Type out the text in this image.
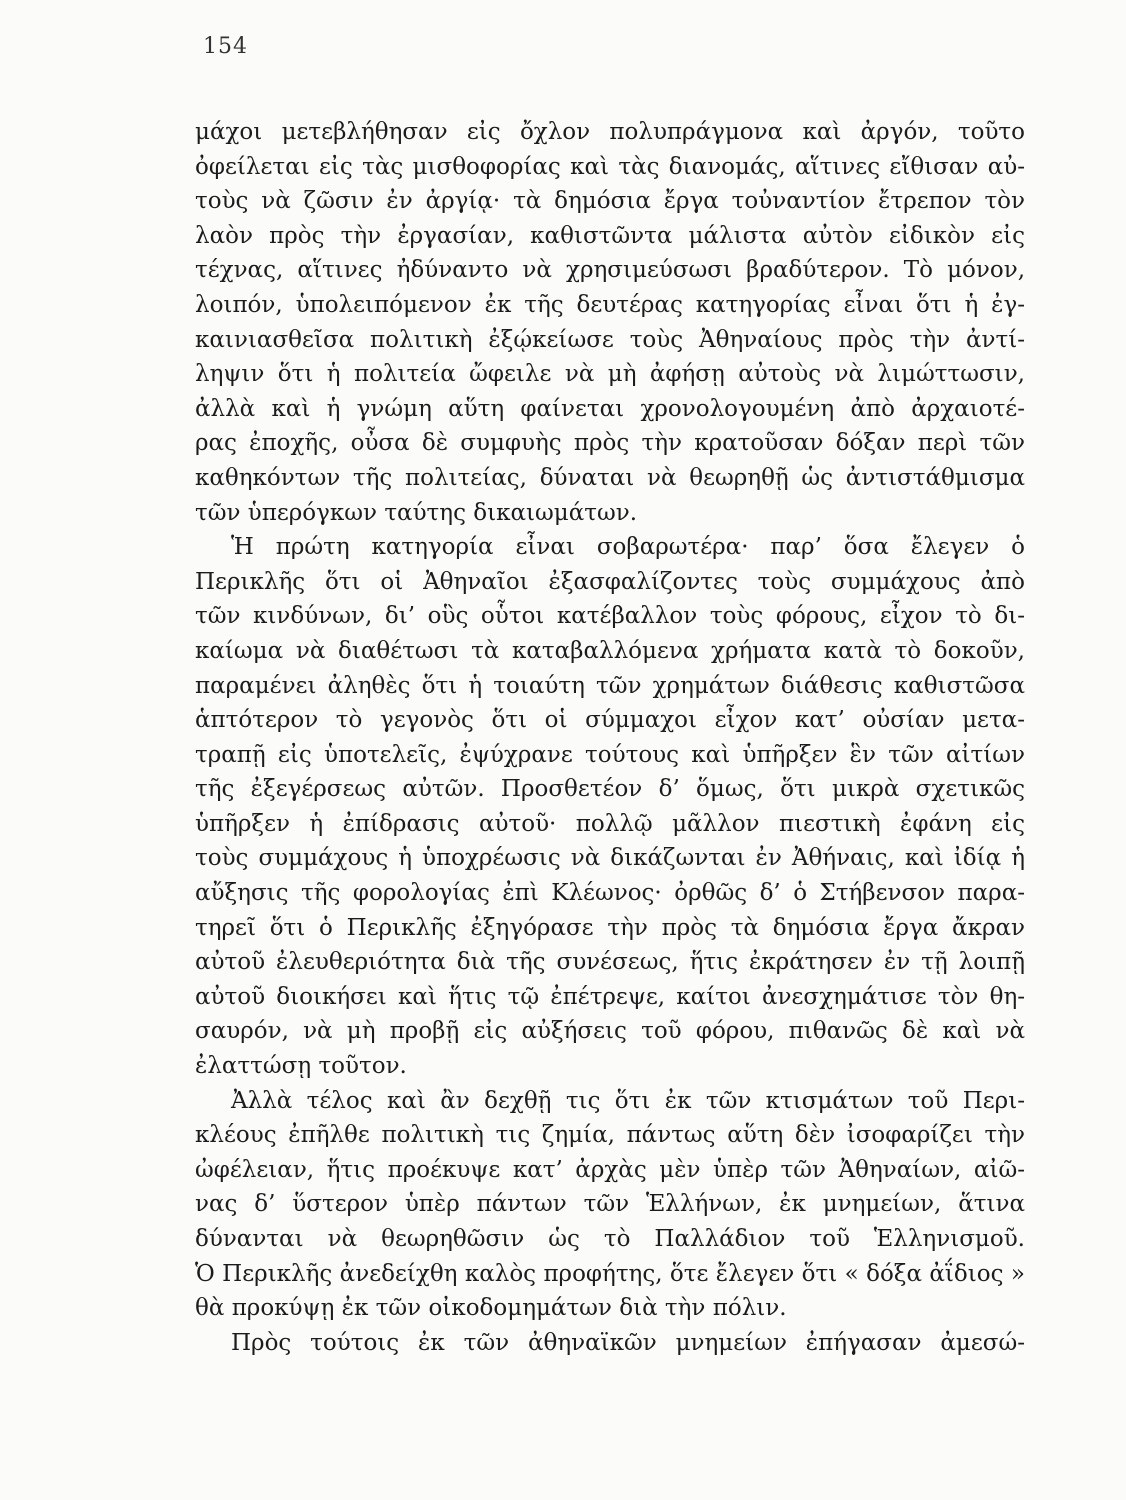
154
μάχοι μετεβλήθησαν εἰς ὄχλον πολυπράγμονα καὶ ἀργόν, τοῦτο
ὀφείλεται εἰς τὰς μισθοφορίας καὶ τὰς διανομάς, αἵτινες εἴθισαν αὐ-
τοὺς νὰ ζῶσιν ἐν ἀργίᾳ· τὰ δημόσια ἔργα τοὐναντίον ἔτρεπον τὸν
λαὸν πρὸς τὴν ἐργασίαν, καθιστῶντα μάλιστα αὐτὸν εἰδικὸν εἰς
τέχνας, αἵτινες ἠδύναντο νὰ χρησιμεύσωσι βραδύτερον. Τὸ μόνον,
λοιπόν, ὑπολειπόμενον ἐκ τῆς δευτέρας κατηγορίας εἶναι ὅτι ἡ ἐγ-
καινιασθεῖσα πολιτικὴ ἐξῴκείωσε τοὺς Ἀθηναίους πρὸς τὴν ἀντί-
ληψιν ὅτι ἡ πολιτεία ὤφειλε νὰ μὴ ἀφήσῃ αὐτοὺς νὰ λιμώττωσιν,
ἀλλὰ καὶ ἡ γνώμη αὕτη φαίνεται χρονολογουμένη ἀπὸ ἀρχαιοτέ-
ρας ἐποχῆς, οὖσα δὲ συμφυὴς πρὸς τὴν κρατοῦσαν δόξαν περὶ τῶν
καθηκόντων τῆς πολιτείας, δύναται νὰ θεωρηθῇ ὡς ἀντιστάθμισμα
τῶν ὑπερόγκων ταύτης δικαιωμάτων.
Ἡ πρώτη κατηγορία εἶναι σοβαρωτέρα· παρ’ ὅσα ἔλεγεν ὁ
Περικλῆς ὅτι οἱ Ἀθηναῖοι ἐξασφαλίζοντες τοὺς συμμάχους ἀπὸ
τῶν κινδύνων, δι’ οὓς οὗτοι κατέβαλλον τοὺς φόρους, εἶχον τὸ δι-
καίωμα νὰ διαθέτωσι τὰ καταβαλλόμενα χρήματα κατὰ τὸ δοκοῦν,
παραμένει ἀληθὲς ὅτι ἡ τοιαύτη τῶν χρημάτων διάθεσις καθιστῶσα
ἁπτότερον τὸ γεγονὸς ὅτι οἱ σύμμαχοι εἶχον κατ’ οὐσίαν μετα-
τραπῇ εἰς ὑποτελεῖς, ἐψύχρανε τούτους καὶ ὑπῆρξεν ἓν τῶν αἰτίων
τῆς ἐξεγέρσεως αὐτῶν. Προσθετέον δ’ ὅμως, ὅτι μικρὰ σχετικῶς
ὑπῆρξεν ἡ ἐπίδρασις αὐτοῦ· πολλῷ μᾶλλον πιεστικὴ ἐφάνη εἰς
τοὺς συμμάχους ἡ ὑποχρέωσις νὰ δικάζωνται ἐν Ἀθήναις, καὶ ἰδίᾳ ἡ
αὔξησις τῆς φορολογίας ἐπὶ Κλέωνος· ὀρθῶς δ’ ὁ Στήβενσον παρα-
τηρεῖ ὅτι ὁ Περικλῆς ἐξηγόρασε τὴν πρὸς τὰ δημόσια ἔργα ἄκραν
αὐτοῦ ἐλευθεριότητα διὰ τῆς συνέσεως, ἥτις ἐκράτησεν ἐν τῇ λοιπῇ
αὐτοῦ διοικήσει καὶ ἥτις τῷ ἐπέτρεψε, καίτοι ἀνεσχημάτισε τὸν θη-
σαυρόν, νὰ μὴ προβῇ εἰς αὐξήσεις τοῦ φόρου, πιθανῶς δὲ καὶ νὰ
ἐλαττώσῃ τοῦτον.
Ἀλλὰ τέλος καὶ ἂν δεχθῇ τις ὅτι ἐκ τῶν κτισμάτων τοῦ Περι-
κλέους ἐπῆλθε πολιτικὴ τις ζημία, πάντως αὕτη δὲν ἰσοφαρίζει τὴν
ὠφέλειαν, ἥτις προέκυψε κατ’ ἀρχὰς μὲν ὑπὲρ τῶν Ἀθηναίων, αἰῶ-
νας δ’ ὕστερον ὑπὲρ πάντων τῶν Ἑλλήνων, ἐκ μνημείων, ἅτινα
δύνανται νὰ θεωρηθῶσιν ὡς τὸ Παλλάδιον τοῦ Ἑλληνισμοῦ.
Ὁ Περικλῆς ἀνεδείχθη καλὸς προφήτης, ὅτε ἔλεγεν ὅτι « δόξα ἀΐδιος »
θὰ προκύψῃ ἐκ τῶν οἰκοδομημάτων διὰ τὴν πόλιν.
Πρὸς τούτοις ἐκ τῶν ἀθηναϊκῶν μνημείων ἐπήγασαν ἀμεσώ-
